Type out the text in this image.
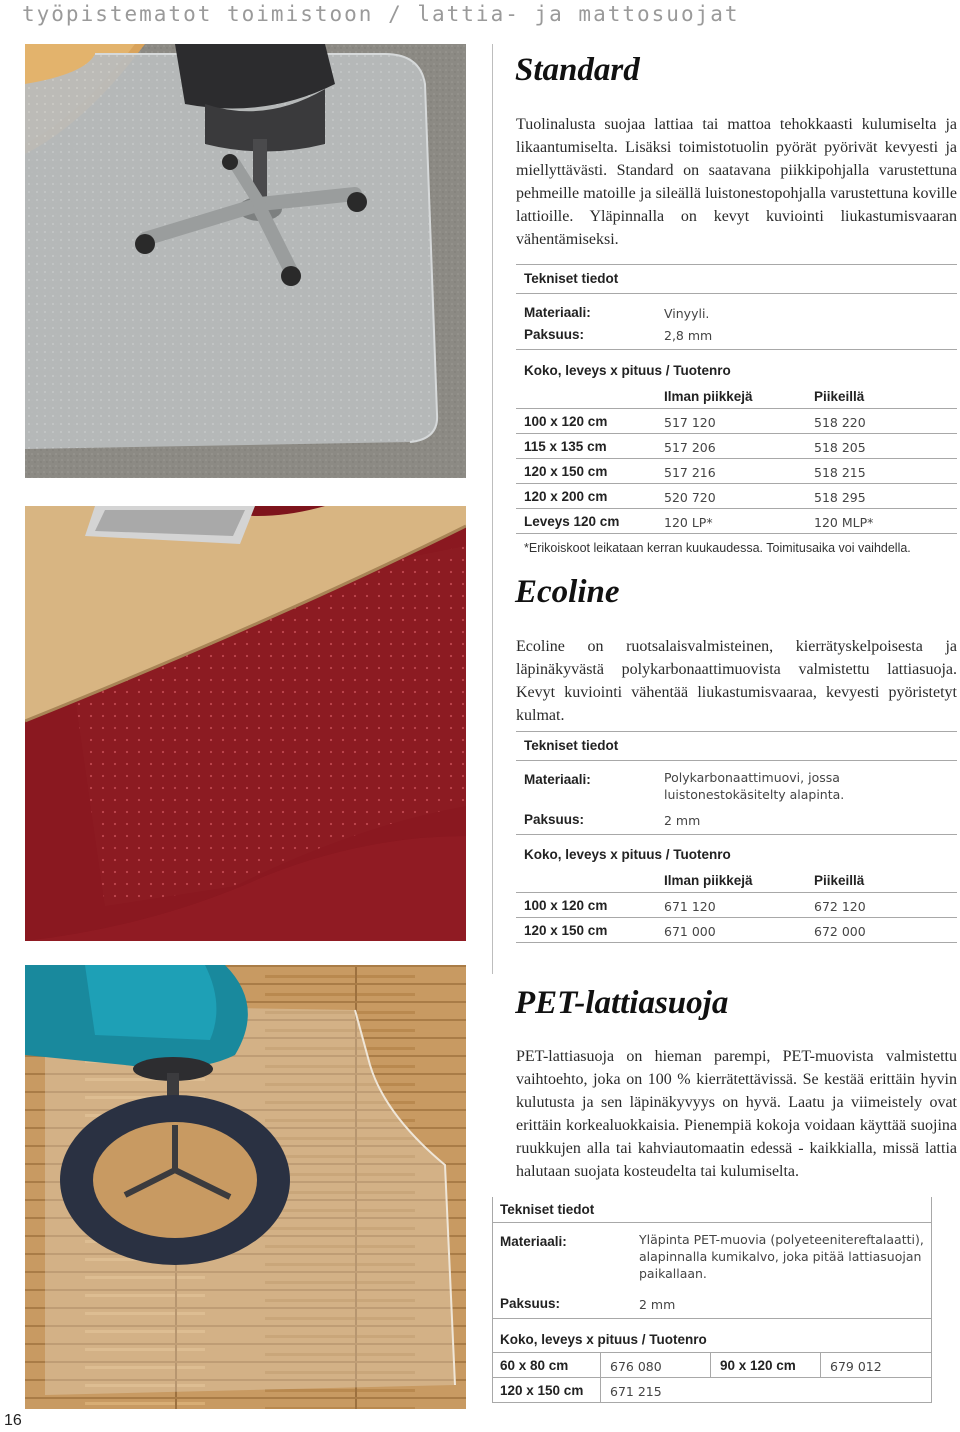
työpistematot toimistoon / lattia- ja mattosuojat
16
Standard
Tuolinalusta suojaa lattiaa tai mattoa tehokkaasti kulumiselta ja likaantumiselta. Lisäksi toimistotuolin pyörät pyörivät kevyesti ja miellyttävästi. Standard on saatavana piikkipohjalla varustettuna pehmeille matoille ja sileällä luistonestopohjalla varustettuna koville lattioille. Yläpinnalla on kevyt kuviointi liukastumisvaaran vähentämiseksi.
Tekniset tiedot
Materiaali:	Vinyyli.
Paksuus:	2,8 mm
Koko, leveys x pituus / Tuotenro
Ilman piikkejä	Piikeillä
100 x 120 cm	517 120	518 220
115 x 135 cm	517 206	518 205
120 x 150 cm	517 216	518 215
120 x 200 cm	520 720	518 295
Leveys 120 cm	120 LP*	120 MLP*
*Erikoiskoot leikataan kerran kuukaudessa. Toimitusaika voi vaihdella.
Ecoline
Ecoline on ruotsalaisvalmisteinen, kierrätyskelpoisesta ja läpinäkyvästä polykarbonaattimuovista valmistettu lattiasuoja. Kevyt kuviointi vähentää liukastumisvaaraa, kevyesti pyöristetyt kulmat.
Tekniset tiedot
Materiaali:	Polykarbonaattimuovi, jossa luistonestokäsitelty alapinta.
Paksuus:	2 mm
Koko, leveys x pituus / Tuotenro
Ilman piikkejä	Piikeillä
100 x 120 cm	671 120	672 120
120 x 150 cm	671 000	672 000
PET-lattiasuoja
PET-lattiasuoja on hieman parempi, PET-muovista valmistettu vaihtoehto, joka on 100 % kierrätettävissä. Se kestää erittäin hyvin kulutusta ja sen läpinäkyvyys on hyvä. Laatu ja viimeistely ovat erittäin korkealuokkaisia. Pienempiä kokoja voidaan käyttää suojina ruukkujen alla tai kahviautomaatin edessä - kaikkialla, missä lattia halutaan suojata kosteudelta tai kulumiselta.
Tekniset tiedot
Materiaali:	Yläpinta PET-muovia (polyeteenitereftalaatti), alapinnalla kumikalvo, joka pitää lattiasuojan paikallaan.
Paksuus:	2 mm
Koko, leveys x pituus / Tuotenro
60 x 80 cm	676 080	90 x 120 cm	679 012
120 x 150 cm 671 215
